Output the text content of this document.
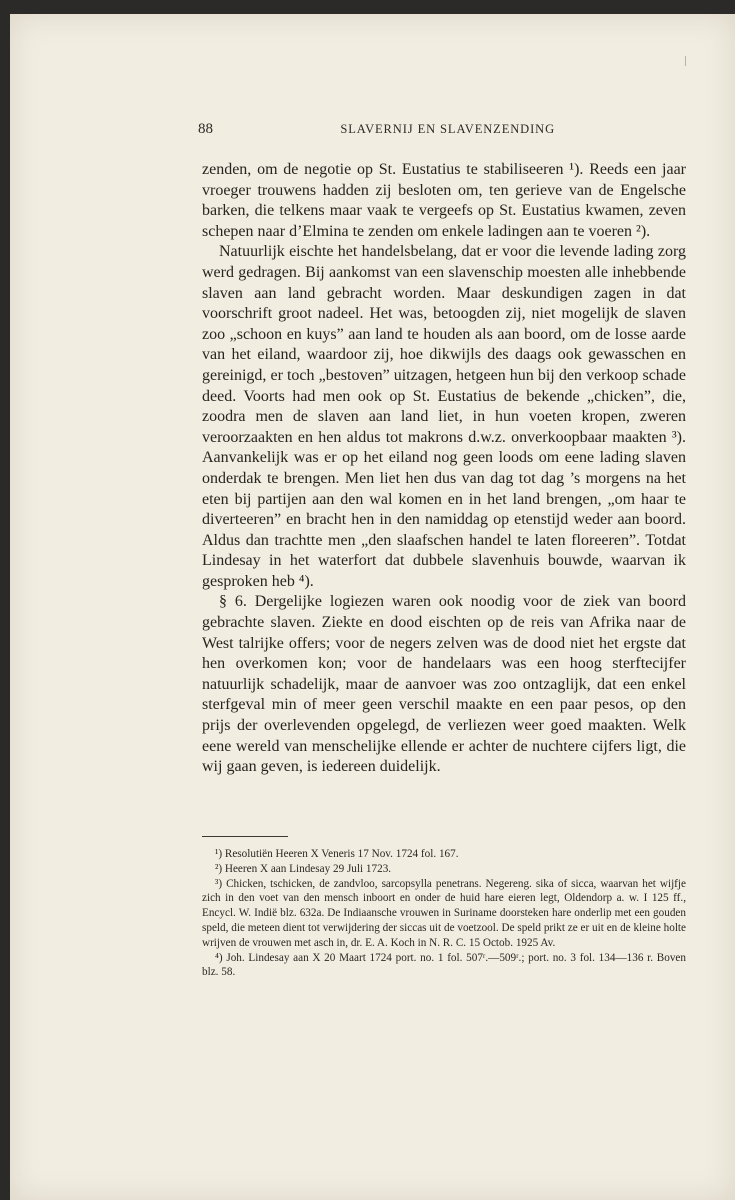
88	SLAVERNIJ EN SLAVENZENDING

zenden, om de negotie op St. Eustatius te stabiliseeren ¹). Reeds een jaar vroeger trouwens hadden zij besloten om, ten gerieve van de Engelsche barken, die telkens maar vaak te vergeefs op St. Eustatius kwamen, zeven schepen naar d’Elmina te zenden om enkele ladingen aan te voeren ²).

Natuurlijk eischte het handelsbelang, dat er voor die levende lading zorg werd gedragen. Bij aankomst van een slavenschip moesten alle inhebbende slaven aan land gebracht worden. Maar deskundigen zagen in dat voorschrift groot nadeel. Het was, betoogden zij, niet mogelijk de slaven zoo „schoon en kuys” aan land te houden als aan boord, om de losse aarde van het eiland, waardoor zij, hoe dikwijls des daags ook gewasschen en gereinigd, er toch „bestoven” uitzagen, hetgeen hun bij den verkoop schade deed. Voorts had men ook op St. Eustatius de bekende „chicken”, die, zoodra men de slaven aan land liet, in hun voeten kropen, zweren veroorzaakten en hen aldus tot makrons d.w.z. onverkoopbaar maakten ³). Aanvankelijk was er op het eiland nog geen loods om eene lading slaven onderdak te brengen. Men liet hen dus van dag tot dag ’s morgens na het eten bij partijen aan den wal komen en in het land brengen, „om haar te diverteeren” en bracht hen in den namiddag op etenstijd weder aan boord. Aldus dan trachtte men „den slaafschen handel te laten floreeren”. Totdat Lindesay in het waterfort dat dubbele slavenhuis bouwde, waarvan ik gesproken heb ⁴).

§ 6. Dergelijke logiezen waren ook noodig voor de ziek van boord gebrachte slaven. Ziekte en dood eischten op de reis van Afrika naar de West talrijke offers; voor de negers zelven was de dood niet het ergste dat hen overkomen kon; voor de handelaars was een hoog sterftecijfer natuurlijk schadelijk, maar de aanvoer was zoo ontzaglijk, dat een enkel sterfgeval min of meer geen verschil maakte en een paar pesos, op den prijs der overlevenden opgelegd, de verliezen weer goed maakten. Welk eene wereld van menschelijke ellende er achter de nuchtere cijfers ligt, die wij gaan geven, is iedereen duidelijk.

¹) Resolutiën Heeren X Veneris 17 Nov. 1724 fol. 167.

²) Heeren X aan Lindesay 29 Juli 1723.

³) Chicken, tschicken, de zandvloo, sarcopsylla penetrans. Negereng. sika of sicca, waarvan het wijfje zich in den voet van den mensch inboort en onder de huid hare eieren legt, Oldendorp a. w. I 125 ff., Encycl. W. Indië blz. 632a. De Indiaansche vrouwen in Suriname doorsteken hare onderlip met een gouden speld, die meteen dient tot verwijdering der siccas uit de voetzool. De speld prikt ze er uit en de kleine holte wrijven de vrouwen met asch in, dr. E. A. Koch in N. R. C. 15 Octob. 1925 Av.

⁴) Joh. Lindesay aan X 20 Maart 1724 port. no. 1 fol. 507ʳ.—509ʳ.; port. no. 3 fol. 134—136 r. Boven blz. 58.
